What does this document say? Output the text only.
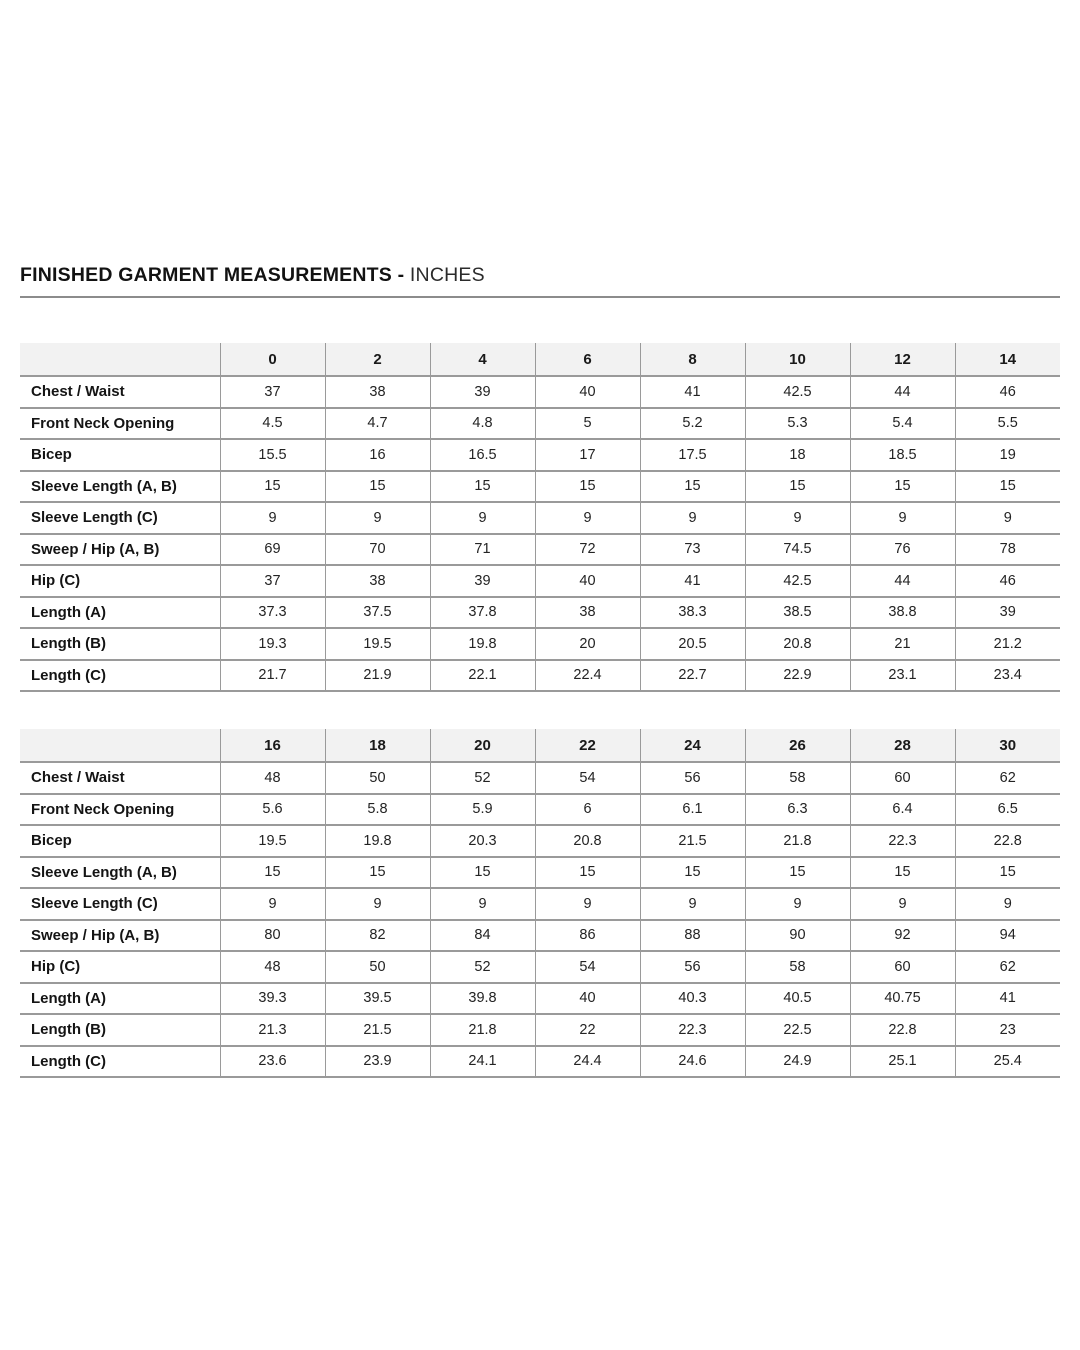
FINISHED GARMENT MEASUREMENTS - INCHES
	0	2	4	6	8	10	12	14
Chest / Waist	37	38	39	40	41	42.5	44	46
Front Neck Opening	4.5	4.7	4.8	5	5.2	5.3	5.4	5.5
Bicep	15.5	16	16.5	17	17.5	18	18.5	19
Sleeve Length (A, B)	15	15	15	15	15	15	15	15
Sleeve Length (C)	9	9	9	9	9	9	9	9
Sweep / Hip (A, B)	69	70	71	72	73	74.5	76	78
Hip (C)	37	38	39	40	41	42.5	44	46
Length (A)	37.3	37.5	37.8	38	38.3	38.5	38.8	39
Length (B)	19.3	19.5	19.8	20	20.5	20.8	21	21.2
Length (C)	21.7	21.9	22.1	22.4	22.7	22.9	23.1	23.4
	16	18	20	22	24	26	28	30
Chest / Waist	48	50	52	54	56	58	60	62
Front Neck Opening	5.6	5.8	5.9	6	6.1	6.3	6.4	6.5
Bicep	19.5	19.8	20.3	20.8	21.5	21.8	22.3	22.8
Sleeve Length (A, B)	15	15	15	15	15	15	15	15
Sleeve Length (C)	9	9	9	9	9	9	9	9
Sweep / Hip (A, B)	80	82	84	86	88	90	92	94
Hip (C)	48	50	52	54	56	58	60	62
Length (A)	39.3	39.5	39.8	40	40.3	40.5	40.75	41
Length (B)	21.3	21.5	21.8	22	22.3	22.5	22.8	23
Length (C)	23.6	23.9	24.1	24.4	24.6	24.9	25.1	25.4
